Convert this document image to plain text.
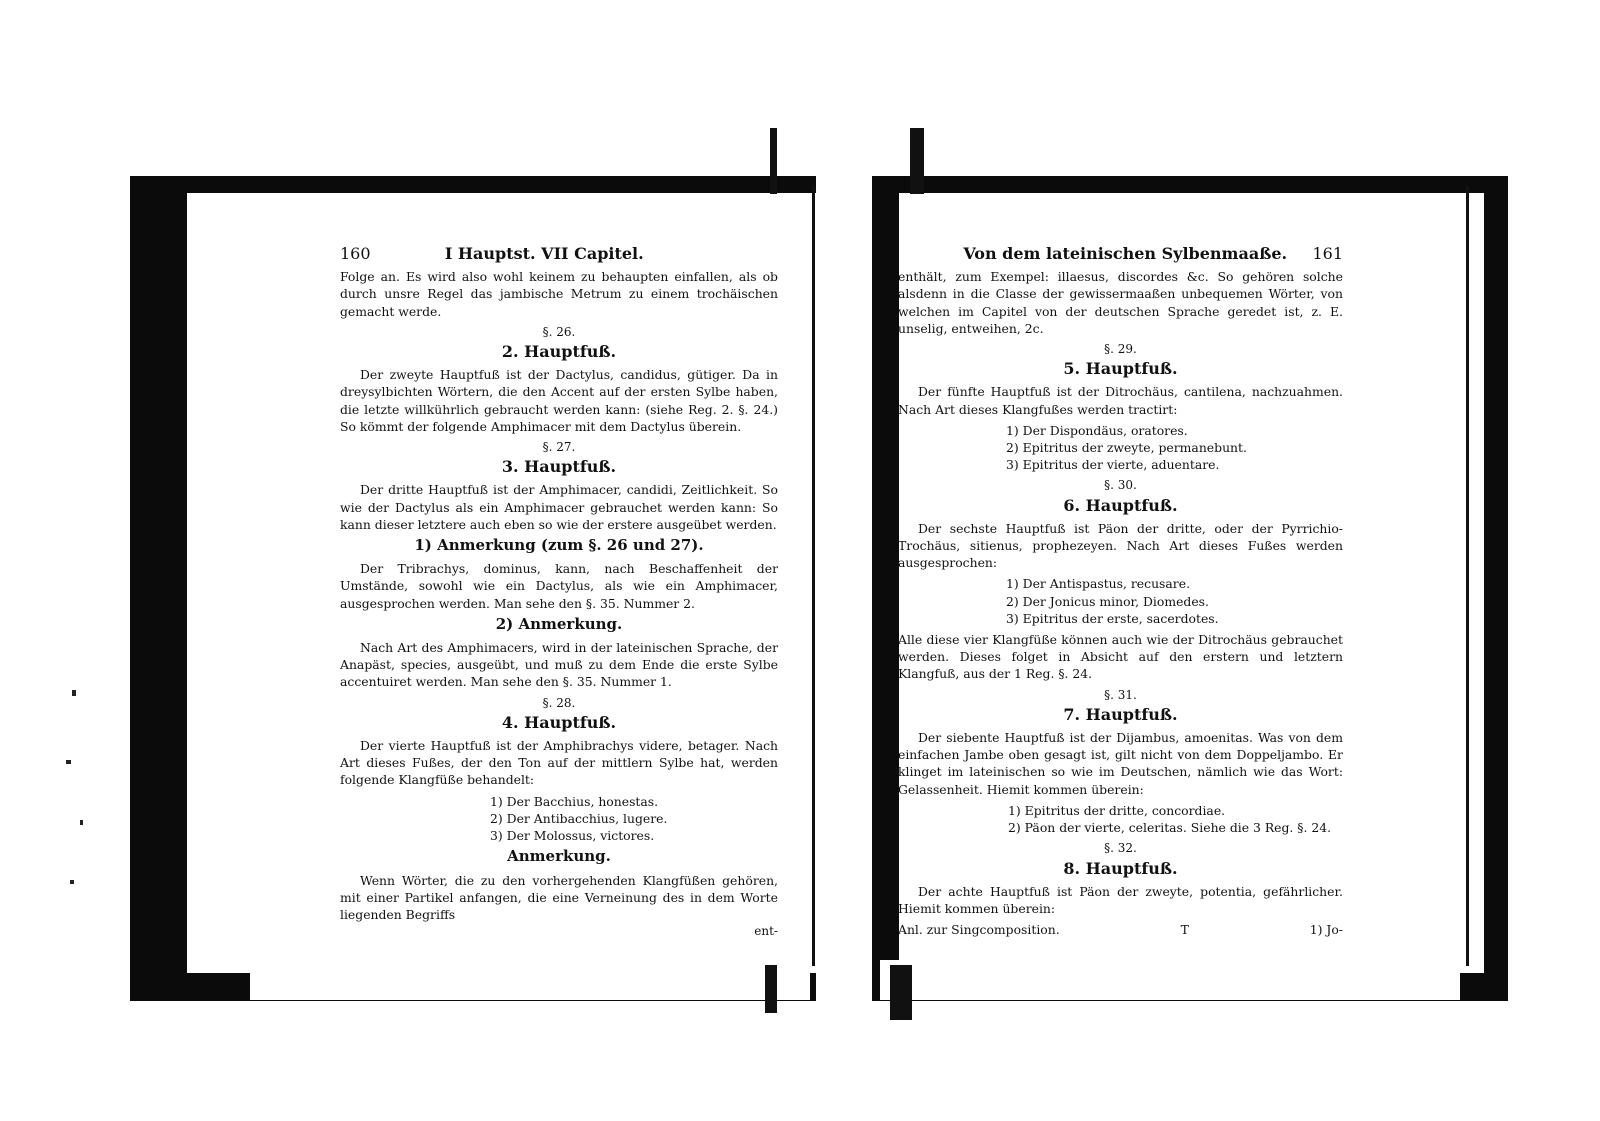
160	I Hauptst. VII Capitel.

Folge an. Es wird also wohl keinem zu behaupten einfallen, als ob durch unsre Regel das jambische Metrum zu einem trochäischen gemacht werde.

§. 26.
2. Hauptfuß.

Der zweyte Hauptfuß ist der Dactylus, candidus, gütiger. Da in dreysylbichten Wörtern, die den Accent auf der ersten Sylbe haben, die letzte willkührlich gebraucht werden kann: (siehe Reg. 2. §. 24.) So kömmt der folgende Amphimacer mit dem Dactylus überein.

§. 27.
3. Hauptfuß.

Der dritte Hauptfuß ist der Amphimacer, candidi, Zeitlichkeit. So wie der Dactylus als ein Amphimacer gebrauchet werden kann: So kann dieser letztere auch eben so wie der erstere ausgeübet werden.

1) Anmerkung (zum §. 26 und 27).

Der Tribrachys, dominus, kann, nach Beschaffenheit der Umstände, sowohl wie ein Dactylus, als wie ein Amphimacer, ausgesprochen werden. Man sehe den §. 35. Nummer 2.

2) Anmerkung.

Nach Art des Amphimacers, wird in der lateinischen Sprache, der Anapäst, species, ausgeübt, und muß zu dem Ende die erste Sylbe accentuiret werden. Man sehe den §. 35. Nummer 1.

§. 28.
4. Hauptfuß.

Der vierte Hauptfuß ist der Amphibrachys videre, betager. Nach Art dieses Fußes, der den Ton auf der mittlern Sylbe hat, werden folgende Klangfüße behandelt:

1) Der Bacchius, honestas.
2) Der Antibacchius, lugere.
3) Der Molossus, victores.
Anmerkung.

Wenn Wörter, die zu den vorhergehenden Klangfüßen gehören, mit einer Partikel anfangen, die eine Verneinung des in dem Worte liegenden Begriffs

ent-
Von dem lateinischen Sylbenmaaße. 161

enthält, zum Exempel: illaesus, discordes &c. So gehören solche alsdenn in die Classe der gewissermaaßen unbequemen Wörter, von welchen im Capitel von der deutschen Sprache geredet ist, z. E. unselig, entweihen, 2c.

§. 29.
5. Hauptfuß.

Der fünfte Hauptfuß ist der Ditrochäus, cantilena, nachzuahmen. Nach Art dieses Klangfußes werden tractirt:

1) Der Dispondäus, oratores.
2) Epitritus der zweyte, permanebunt.
3) Epitritus der vierte, aduentare.
§. 30.
6. Hauptfuß.

Der sechste Hauptfuß ist Päon der dritte, oder der Pyrrichio-Trochäus, sitienus, prophezeyen. Nach Art dieses Fußes werden ausgesprochen:

1) Der Antispastus, recusare.
2) Der Jonicus minor, Diomedes.
3) Epitritus der erste, sacerdotes.

Alle diese vier Klangfüße können auch wie der Ditrochäus gebrauchet werden. Dieses folget in Absicht auf den erstern und letztern Klangfuß, aus der 1 Reg. §. 24.

§. 31.
7. Hauptfuß.

Der siebente Hauptfuß ist der Dijambus, amoenitas. Was von dem einfachen Jambe oben gesagt ist, gilt nicht von dem Doppeljambo. Er klinget im lateinischen so wie im Deutschen, nämlich wie das Wort: Gelassenheit. Hiemit kommen überein:

1) Epitritus der dritte, concordiae.
2) Päon der vierte, celeritas. Siehe die 3 Reg. §. 24.
§. 32.
8. Hauptfuß.

Der achte Hauptfuß ist Päon der zweyte, potentia, gefährlicher. Hiemit kommen überein:

Anl. zur Singcomposition.	T	1) Jo-
